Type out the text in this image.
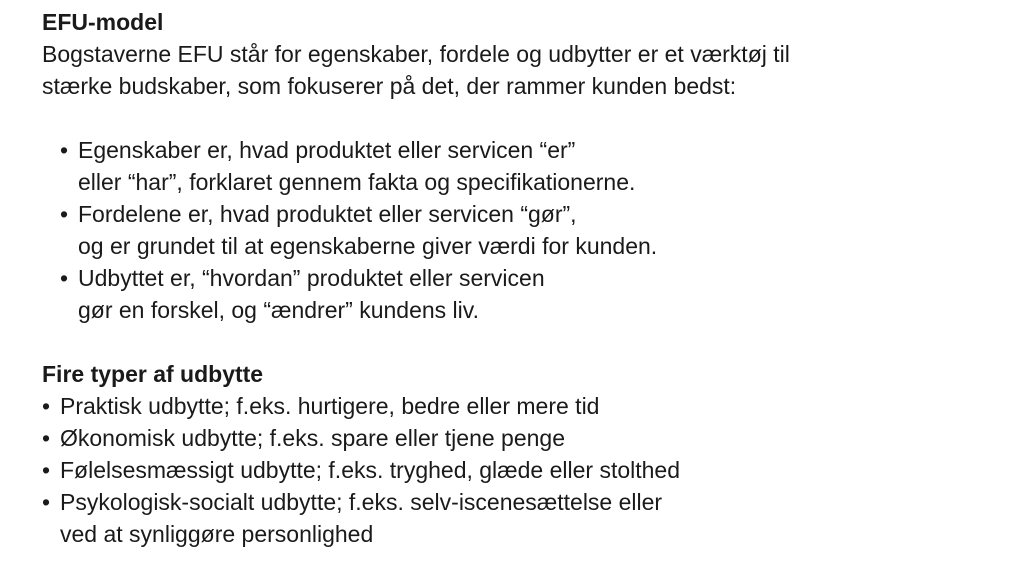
EFU-model

Bogstaverne EFU står for egenskaber, fordele og udbytter er et værktøj til
stærke budskaber, som fokuserer på det, der rammer kunden bedst:

• Egenskaber er, hvad produktet eller servicen “er”
eller “har”, forklaret gennem fakta og specifikationerne.
• Fordelene er, hvad produktet eller servicen “gør”,
og er grundet til at egenskaberne giver værdi for kunden.
• Udbyttet er, “hvordan” produktet eller servicen
gør en forskel, og “ændrer” kundens liv.
Fire typer af udbytte
• Praktisk udbytte; f.eks. hurtigere, bedre eller mere tid
• Økonomisk udbytte; f.eks. spare eller tjene penge
• Følelsesmæssigt udbytte; f.eks. tryghed, glæde eller stolthed
• Psykologisk-socialt udbytte; f.eks. selv-iscenesættelse eller
ved at synliggøre personlighed
